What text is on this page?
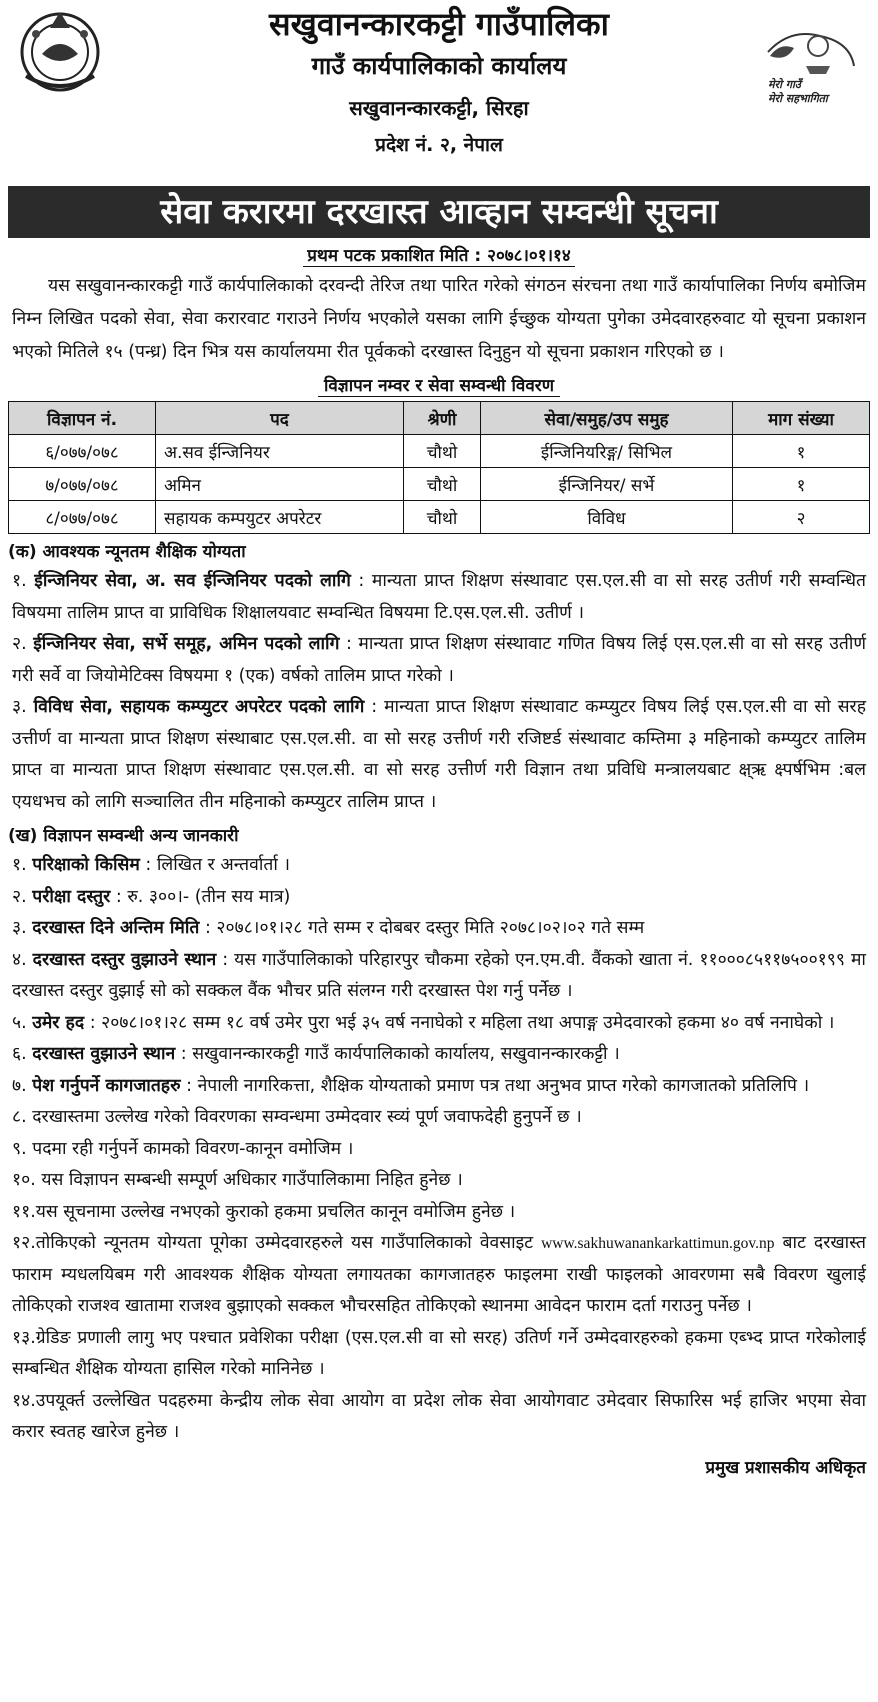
सखुवानन्कारकट्टी गाउँपालिका
गाउँ कार्यपालिकाको कार्यालय
सखुवानन्कारकट्टी, सिरहा
प्रदेश नं. २, नेपाल
मेरो गाउँ
मेरो सहभागिता
सेवा करारमा दरखास्त आव्हान सम्वन्धी सूचना
प्रथम पटक प्रकाशित मिति : २०७८।०१।१४

यस सखुवानन्कारकट्टी गाउँ कार्यपालिकाको दरवन्दी तेरिज तथा पारित गरेको संगठन संरचना तथा गाउँ कार्यापालिका निर्णय बमोजिम निम्न लिखित पदको सेवा, सेवा करारवाट गराउने निर्णय भएकोले यसका लागि ईच्छुक योग्यता पुगेका उमेदवारहरुवाट यो सूचना प्रकाशन भएको मितिले १५ (पन्ध्र) दिन भित्र यस कार्यालयमा रीत पूर्वकको दरखास्त दिनुहुन यो सूचना प्रकाशन गरिएको छ ।

विज्ञापन नम्वर र सेवा सम्वन्धी विवरण
विज्ञापन नं.	पद	श्रेणी	सेवा/समुह/उप समुह	माग संख्या
६/०७७/०७८	अ.सव ईन्जिनियर	चौथो	ईन्जिनियरिङ्ग/ सिभिल	१
७/०७७/०७८	अमिन	चौथो	ईन्जिनियर/ सर्भे	१
८/०७७/०७८	सहायक कम्पयुटर अपरेटर	चौथो	विविध	२
(क) आवश्यक न्यूनतम शैक्षिक योग्यता
१. ईन्जिनियर सेवा, अ. सव ईन्जिनियर पदको लागि : मान्यता प्राप्त शिक्षण संस्थावाट एस.एल.सी वा सो सरह उतीर्ण गरी सम्वन्धित विषयमा तालिम प्राप्त वा प्राविधिक शिक्षालयवाट सम्वन्धित विषयमा टि.एस.एल.सी. उतीर्ण ।
२. ईन्जिनियर सेवा, सर्भे समूह, अमिन पदको लागि : मान्यता प्राप्त शिक्षण संस्थावाट गणित विषय लिई एस.एल.सी वा सो सरह उतीर्ण गरी सर्वे वा जियोमेटिक्स विषयमा १ (एक) वर्षको तालिम प्राप्त गरेको ।
३. विविध सेवा, सहायक कम्प्युटर अपरेटर पदको लागि : मान्यता प्राप्त शिक्षण संस्थावाट कम्प्युटर विषय लिई एस.एल.सी वा सो सरह उत्तीर्ण वा मान्यता प्राप्त शिक्षण संस्थाबाट एस.एल.सी. वा सो सरह उत्तीर्ण गरी रजिष्टर्ड संस्थावाट कम्तिमा ३ महिनाको कम्प्युटर तालिम प्राप्त वा मान्यता प्राप्त शिक्षण संस्थावाट एस.एल.सी. वा सो सरह उत्तीर्ण गरी विज्ञान तथा प्रविधि मन्त्रालयबाट क्ष्ऋ क्ष्पर्षभिम :बल एयधभच को लागि सञ्चालित तीन महिनाको कम्प्युटर तालिम प्राप्त ।
(ख) विज्ञापन सम्वन्धी अन्य जानकारी
१. परिक्षाको किसिम : लिखित र अन्तर्वार्ता ।
२. परीक्षा दस्तुर : रु. ३००।- (तीन सय मात्र)
३. दरखास्त दिने अन्तिम मिति : २०७८।०१।२८ गते सम्म र दोबबर दस्तुर मिति २०७८।०२।०२ गते सम्म
४. दरखास्त दस्तुर वुझाउने स्थान : यस गाउँपालिकाको परिहारपुर चौकमा रहेको एन.एम.वी. वैंकको खाता नं. ११०००८५११७५००१९९ मा दरखास्त दस्तुर वुझाई सो को सक्कल वैंक भौचर प्रति संलग्न गरी दरखास्त पेश गर्नु पर्नेछ ।
५. उमेर हद : २०७८।०१।२८ सम्म १८ वर्ष उमेर पुरा भई ३५ वर्ष ननाघेको र महिला तथा अपाङ्ग उमेदवारको हकमा ४० वर्ष ननाघेको ।
६. दरखास्त वुझाउने स्थान : सखुवानन्कारकट्टी गाउँ कार्यपालिकाको कार्यालय, सखुवानन्कारकट्टी ।
७. पेश गर्नुपर्ने कागजातहरु : नेपाली नागरिकत्ता, शैक्षिक योग्यताको प्रमाण पत्र तथा अनुभव प्राप्त गरेको कागजातको प्रतिलिपि ।
८. दरखास्तमा उल्लेख गरेको विवरणका सम्वन्धमा उम्मेदवार स्व्यं पूर्ण जवाफदेही हुनुपर्ने छ ।
९. पदमा रही गर्नुपर्ने कामको विवरण-कानून वमोजिम ।
१०. यस विज्ञापन सम्बन्धी सम्पूर्ण अधिकार गाउँपालिकामा निहित हुनेछ ।
११.यस सूचनामा उल्लेख नभएको कुराको हकमा प्रचलित कानून वमोजिम हुनेछ ।
१२.तोकिएको न्यूनतम योग्यता पूगेका उम्मेदवारहरुले यस गाउँपालिकाको वेवसाइट www.sakhuwanankarkattimun.gov.np बाट दरखास्त फाराम म्यधलयिबम गरी आवश्यक शैक्षिक योग्यता लगायतका कागजातहरु फाइलमा राखी फाइलको आवरणमा सबै विवरण खुलाई तोकिएको राजश्व खातामा राजश्व बुझाएको सक्कल भौचरसहित तोकिएको स्थानमा आवेदन फाराम दर्ता गराउनु पर्नेछ ।
१३.ग्रेडिङ प्रणाली लागु भए पश्चात प्रवेशिका परीक्षा (एस.एल.सी वा सो सरह) उतिर्ण गर्ने उम्मेदवारहरुको हकमा एब्भ्द प्राप्त गरेकोलाई सम्बन्धित शैक्षिक योग्यता हासिल गरेको मानिनेछ ।
१४.उपयूर्क्त उल्लेखित पदहरुमा केन्द्रीय लोक सेवा आयोग वा प्रदेश लोक सेवा आयोगवाट उमेदवार सिफारिस भई हाजिर भएमा सेवा करार स्वतह खारेज हुनेछ ।
प्रमुख प्रशासकीय अधिकृत
